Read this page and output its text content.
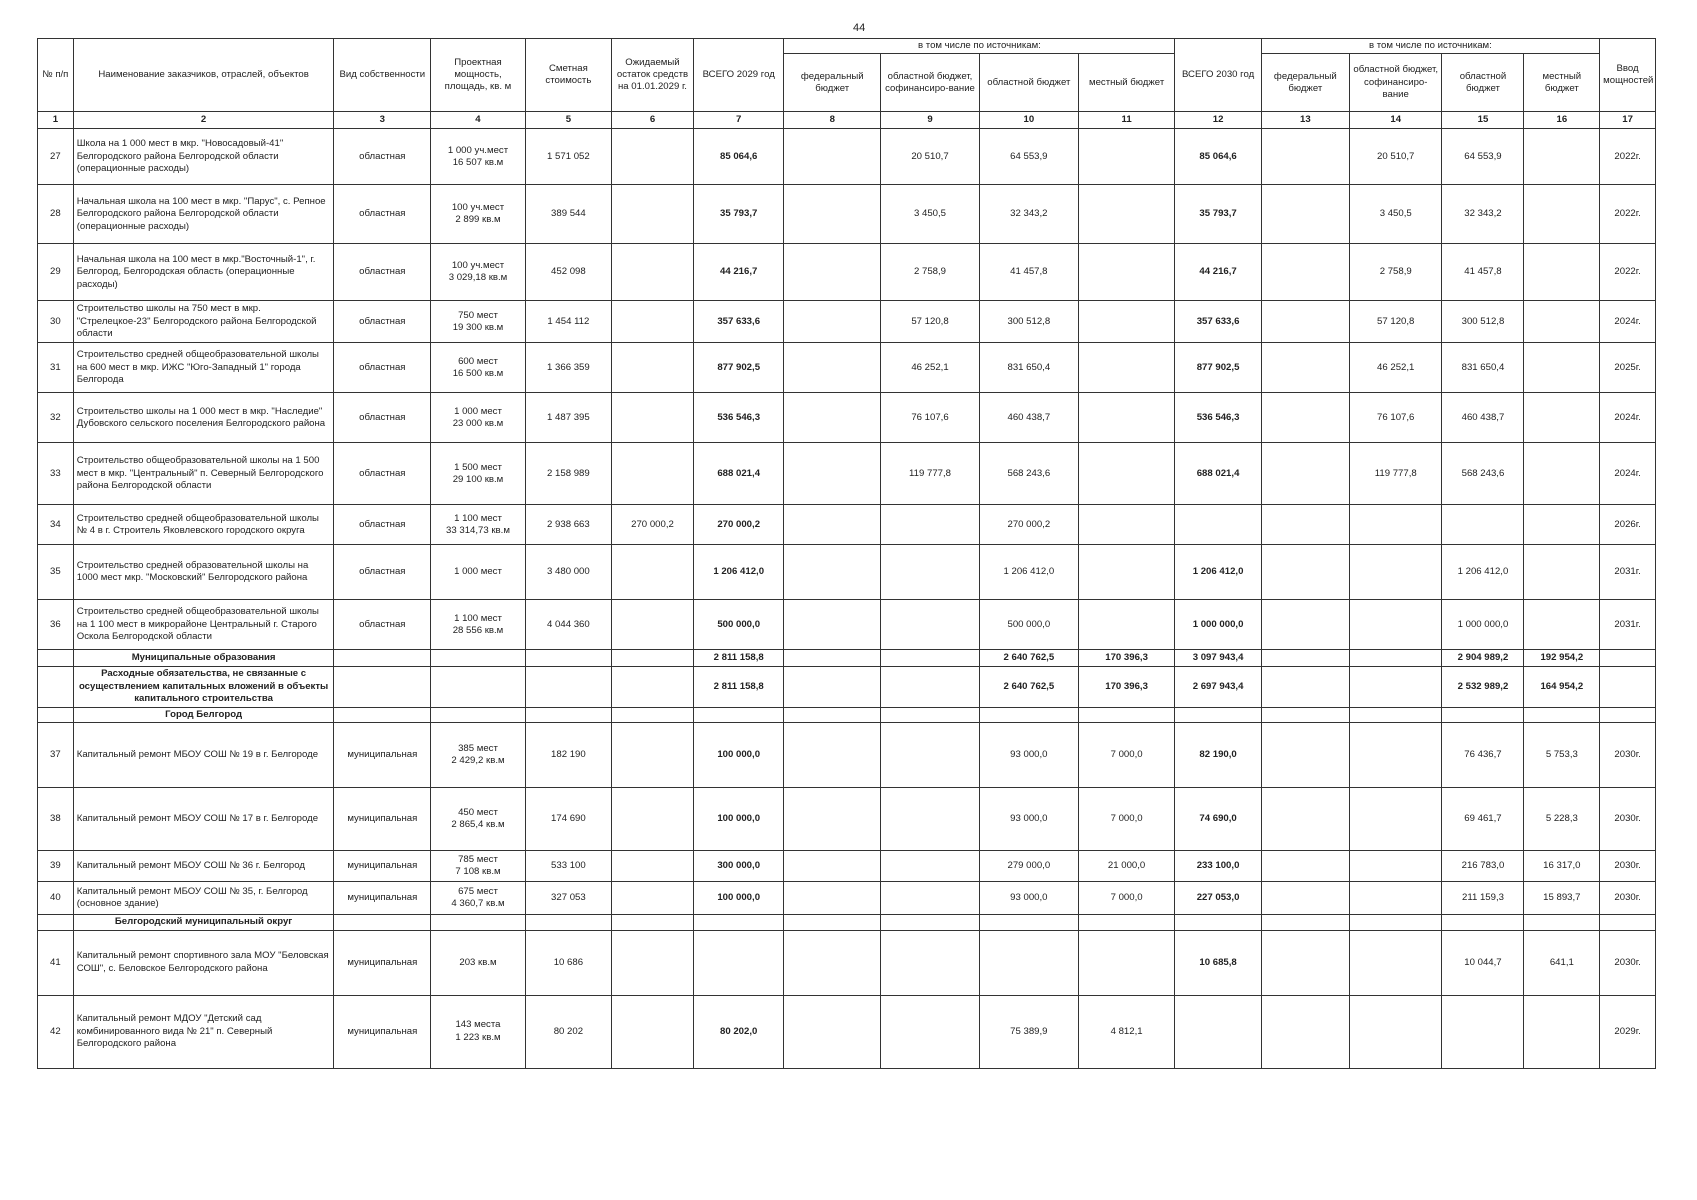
44
№ п/п	Наименование заказчиков, отраслей, объектов	Вид собственности	Проектная мощность, площадь, кв. м	Сметная стоимость	Ожидаемый остаток средств на 01.01.2029 г.	ВСЕГО 2029 год	в том числе по источникам:				ВСЕГО 2030 год	в том числе по источникам:				Ввод мощностей
							федеральный бюджет	областной бюджет, софинансиро-вание	областной бюджет	местный бюджет		федеральный бюджет	областной бюджет, софинансиро-вание	областной бюджет	местный бюджет	
1	2	3	4	5	6	7	8	9	10	11	12	13	14	15	16	17
27	Школа на 1 000 мест в мкр. "Новосадовый-41" Белгородского района Белгородской области (операционные расходы)	областная	1 000 уч.мест
16 507 кв.м	1 571 052		85 064,6		20 510,7	64 553,9		85 064,6		20 510,7	64 553,9		2022г.
28	Начальная школа на 100 мест в мкр. "Парус", с. Репное Белгородского района Белгородской области (операционные расходы)	областная	100 уч.мест
2 899 кв.м	389 544		35 793,7		3 450,5	32 343,2		35 793,7		3 450,5	32 343,2		2022г.
29	Начальная школа на 100 мест в мкр."Восточный-1", г. Белгород, Белгородская область (операционные расходы)	областная	100 уч.мест
3 029,18 кв.м	452 098		44 216,7		2 758,9	41 457,8		44 216,7		2 758,9	41 457,8		2022г.
30	Строительство школы на 750 мест в мкр. "Стрелецкое-23" Белгородского района Белгородской области	областная	750 мест
19 300 кв.м	1 454 112		357 633,6		57 120,8	300 512,8		357 633,6		57 120,8	300 512,8		2024г.
31	Строительство средней общеобразовательной школы на 600 мест в мкр. ИЖС "Юго-Западный 1" города Белгорода	областная	600 мест
16 500 кв.м	1 366 359		877 902,5		46 252,1	831 650,4		877 902,5		46 252,1	831 650,4		2025г.
32	Строительство школы на 1 000 мест в мкр. "Наследие" Дубовского сельского поселения Белгородского района	областная	1 000 мест
23 000 кв.м	1 487 395		536 546,3		76 107,6	460 438,7		536 546,3		76 107,6	460 438,7		2024г.
33	Строительство общеобразовательной школы на 1 500 мест в мкр. "Центральный" п. Северный Белгородского района Белгородской области	областная	1 500 мест
29 100 кв.м	2 158 989		688 021,4		119 777,8	568 243,6		688 021,4		119 777,8	568 243,6		2024г.
34	Строительство средней общеобразовательной школы № 4 в г. Строитель Яковлевского городского округа	областная	1 100 мест
33 314,73 кв.м	2 938 663	270 000,2	270 000,2			270 000,2							2026г.
35	Строительство средней образовательной школы на 1000 мест мкр. "Московский" Белгородского района	областная	1 000 мест	3 480 000		1 206 412,0			1 206 412,0		1 206 412,0			1 206 412,0		2031г.
36	Строительство средней общеобразовательной школы на 1 100 мест в микрорайоне Центральный г. Старого Оскола Белгородской области	областная	1 100 мест
28 556 кв.м	4 044 360		500 000,0			500 000,0		1 000 000,0			1 000 000,0		2031г.
	Муниципальные образования					2 811 158,8			2 640 762,5	170 396,3	3 097 943,4			2 904 989,2	192 954,2	
	Расходные обязательства, не связанные с осуществлением капитальных вложений в объекты капитального строительства					2 811 158,8			2 640 762,5	170 396,3	2 697 943,4			2 532 989,2	164 954,2	
	Город Белгород															
37	Капитальный ремонт МБОУ СОШ № 19 в г. Белгороде	муниципальная	385 мест
2 429,2 кв.м	182 190		100 000,0			93 000,0	7 000,0	82 190,0			76 436,7	5 753,3	2030г.
38	Капитальный ремонт МБОУ СОШ № 17 в г. Белгороде	муниципальная	450 мест
2 865,4 кв.м	174 690		100 000,0			93 000,0	7 000,0	74 690,0			69 461,7	5 228,3	2030г.
39	Капитальный ремонт МБОУ СОШ № 36 г. Белгород	муниципальная	785 мест
7 108 кв.м	533 100		300 000,0			279 000,0	21 000,0	233 100,0			216 783,0	16 317,0	2030г.
40	Капитальный ремонт МБОУ СОШ № 35, г. Белгород (основное здание)	муниципальная	675 мест
4 360,7 кв.м	327 053		100 000,0			93 000,0	7 000,0	227 053,0			211 159,3	15 893,7	2030г.
	Белгородский муниципальный округ															
41	Капитальный ремонт спортивного зала МОУ "Беловская СОШ", с. Беловское Белгородского района	муниципальная	203 кв.м	10 686							10 685,8			10 044,7	641,1	2030г.
42	Капитальный ремонт МДОУ "Детский сад комбинированного вида № 21" п. Северный Белгородского района	муниципальная	143 места
1 223 кв.м	80 202		80 202,0			75 389,9	4 812,1						2029г.
